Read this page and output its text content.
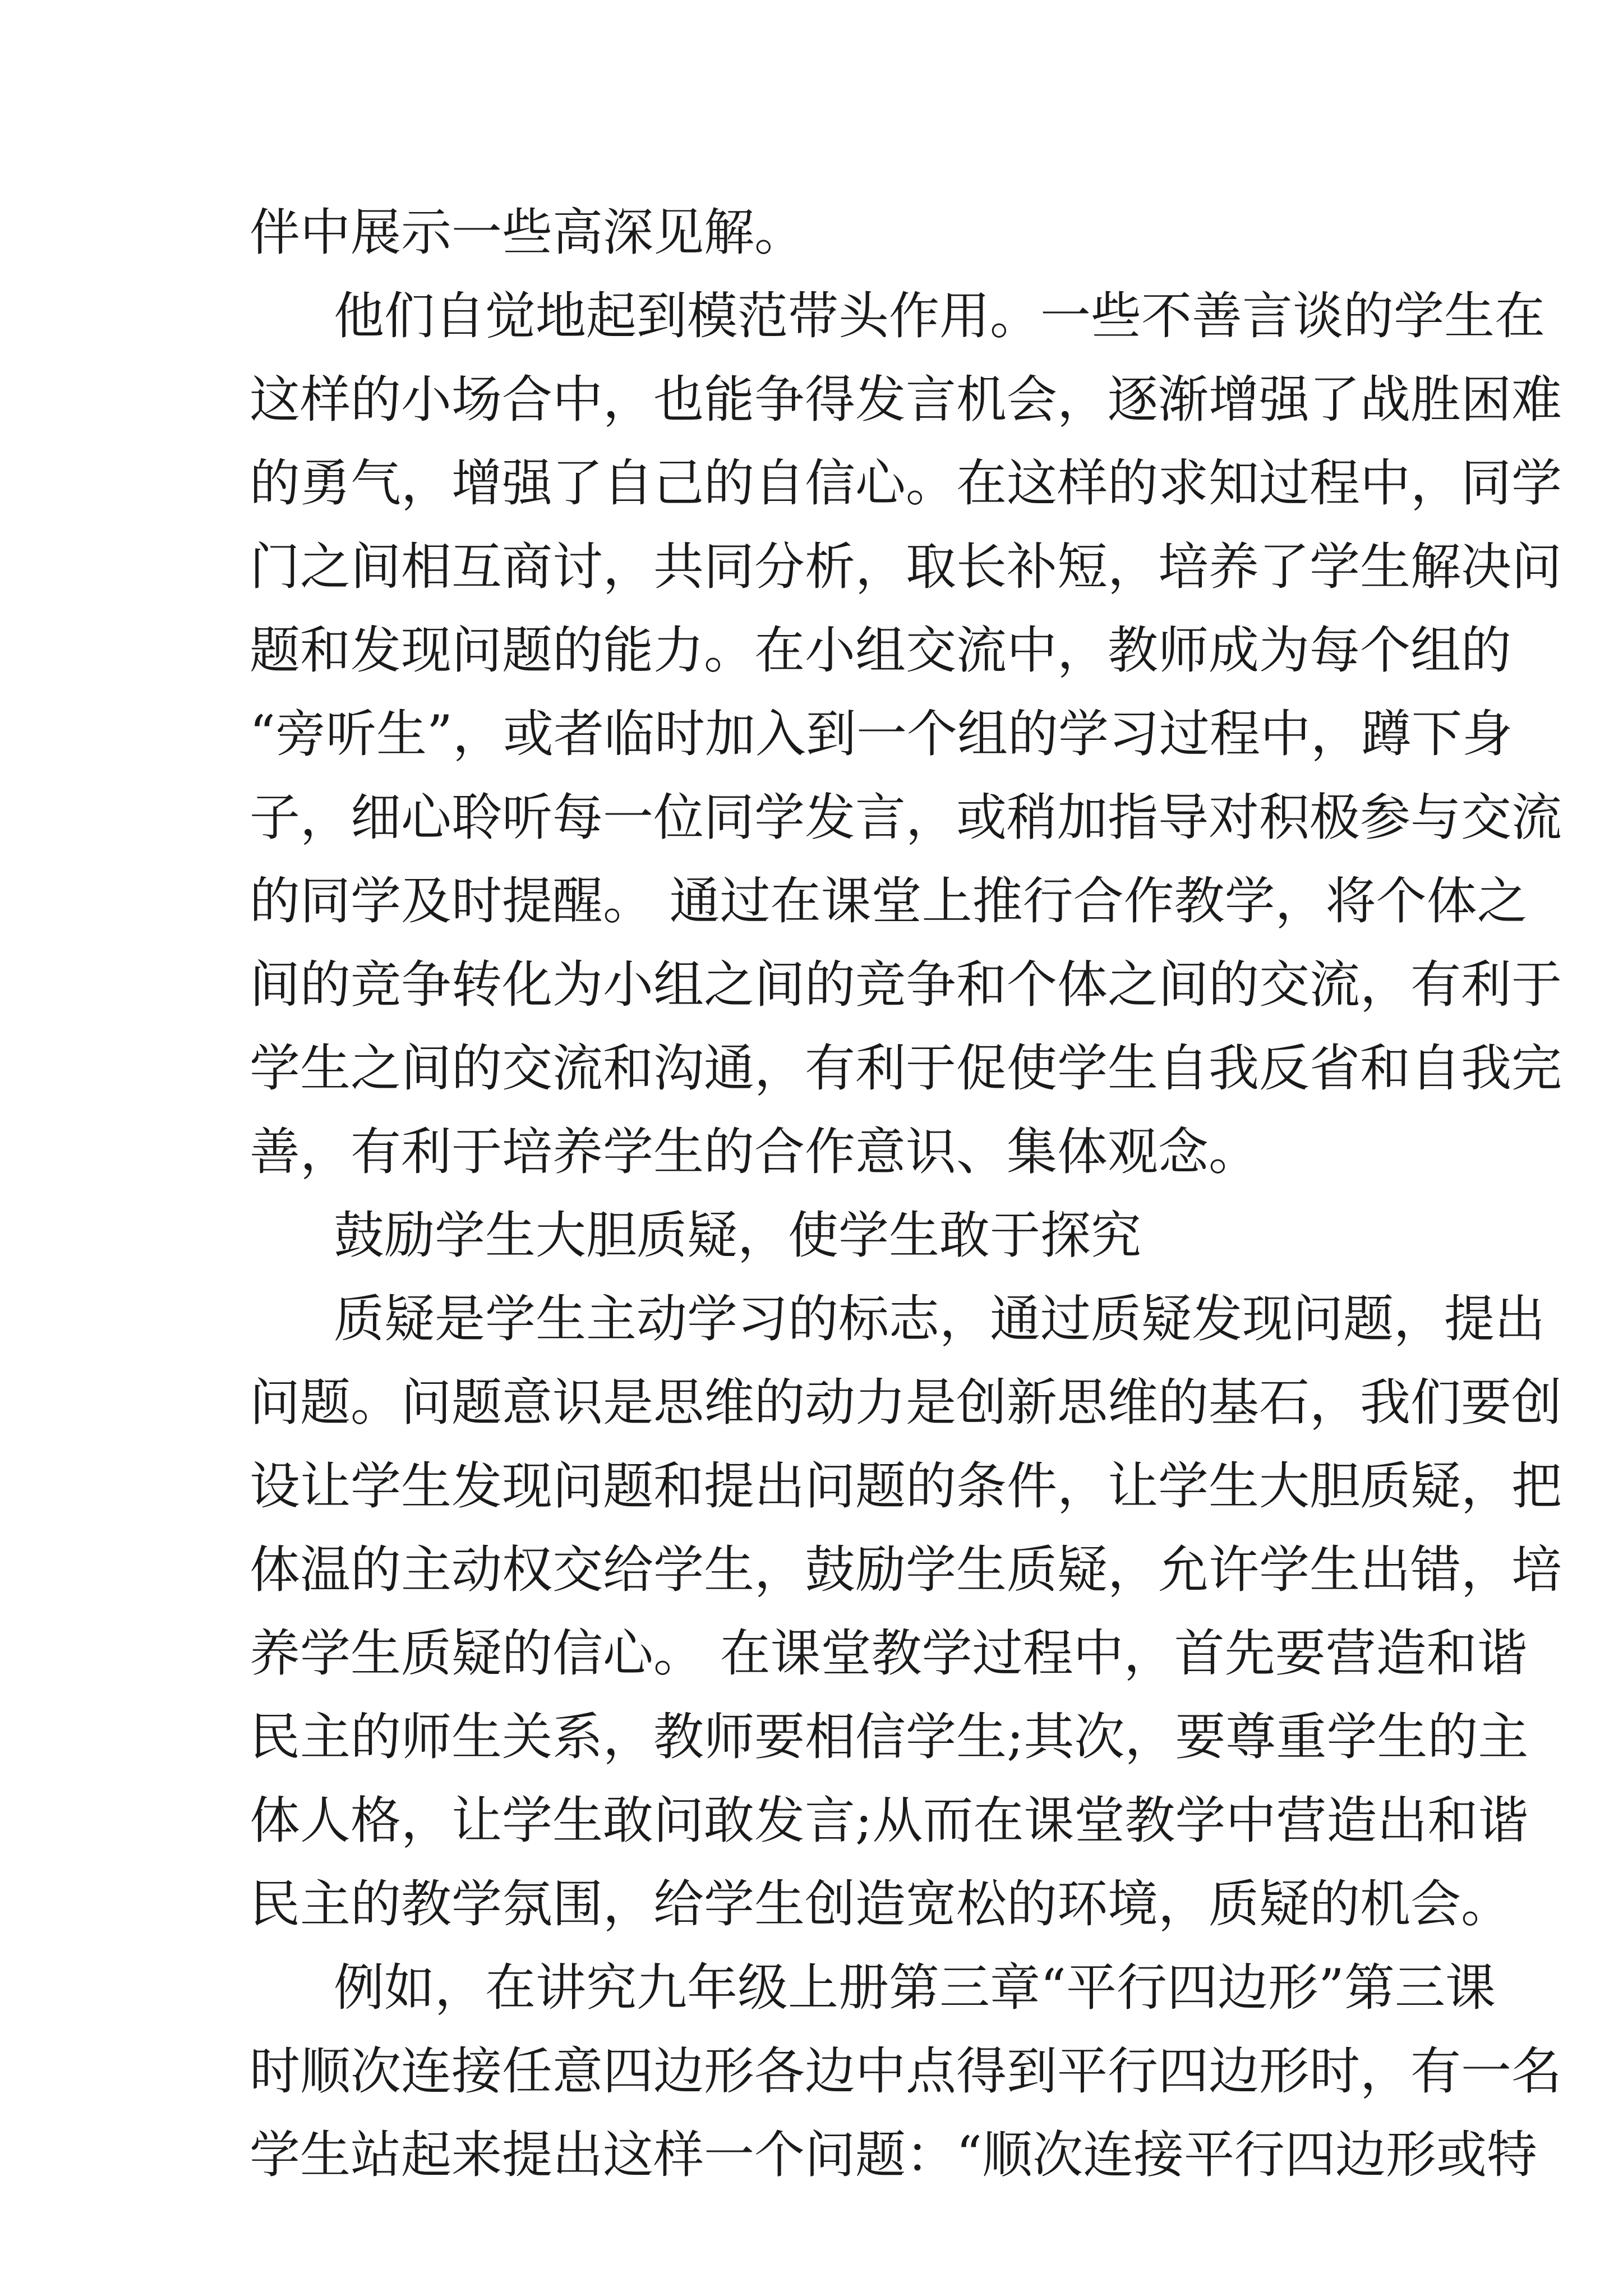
伴中展示一些高深见解。
他们自觉地起到模范带头作用。一些不善言谈的学生在
这样的小场合中，也能争得发言机会，逐渐增强了战胜困难
的勇气，增强了自己的自信心。在这样的求知过程中，同学
门之间相互商讨，共同分析，取长补短，培养了学生解决问
题和发现问题的能力。在小组交流中，教师成为每个组的
“旁听生”，或者临时加入到一个组的学习过程中，蹲下身
子，细心聆听每一位同学发言，或稍加指导对积极参与交流
的同学及时提醒。 通过在课堂上推行合作教学，将个体之
间的竞争转化为小组之间的竞争和个体之间的交流，有利于
学生之间的交流和沟通，有利于促使学生自我反省和自我完
善，有利于培养学生的合作意识、集体观念。
鼓励学生大胆质疑，使学生敢于探究
质疑是学生主动学习的标志，通过质疑发现问题，提出
问题。问题意识是思维的动力是创新思维的基石，我们要创
设让学生发现问题和提出问题的条件，让学生大胆质疑，把
体温的主动权交给学生，鼓励学生质疑，允许学生出错，培
养学生质疑的信心。 在课堂教学过程中，首先要营造和谐
民主的师生关系，教师要相信学生;其次，要尊重学生的主
体人格，让学生敢问敢发言;从而在课堂教学中营造出和谐
民主的教学氛围，给学生创造宽松的环境，质疑的机会。
例如，在讲究九年级上册第三章“平行四边形”第三课
时顺次连接任意四边形各边中点得到平行四边形时，有一名
学生站起来提出这样一个问题：“顺次连接平行四边形或特
